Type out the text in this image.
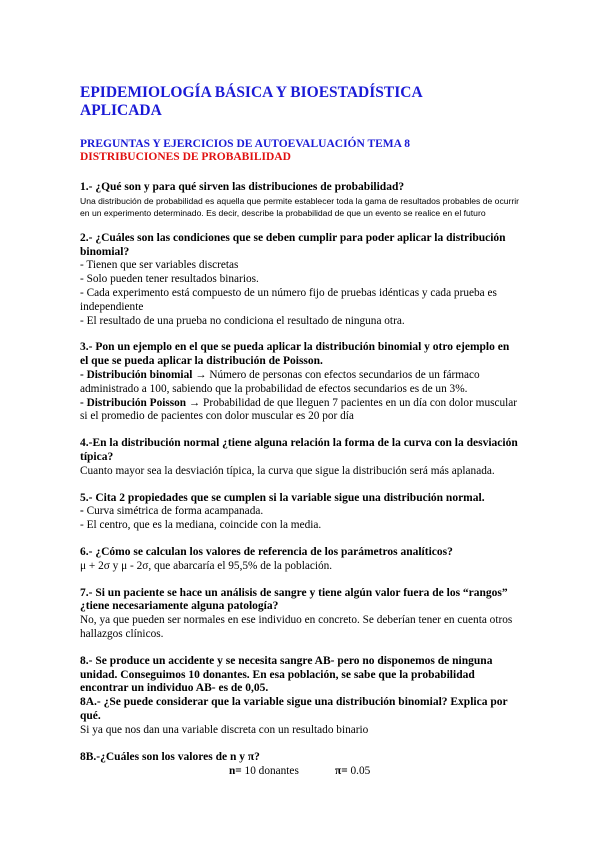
EPIDEMIOLOGÍA BÁSICA Y BIOESTADÍSTICA
APLICADA
PREGUNTAS Y EJERCICIOS DE AUTOEVALUACIÓN TEMA 8
DISTRIBUCIONES DE PROBABILIDAD
1.- ¿Qué son y para qué sirven las distribuciones de probabilidad?
Una distribución de probabilidad es aquella que permite establecer toda la gama de resultados probables de ocurrir en un experimento determinado. Es decir, describe la probabilidad de que un evento se realice en el futuro
2.- ¿Cuáles son las condiciones que se deben cumplir para poder aplicar la distribución binomial?
- Tienen que ser variables discretas
- Solo pueden tener resultados binarios.
- Cada experimento está compuesto de un número fijo de pruebas idénticas y cada prueba es independiente
- El resultado de una prueba no condiciona el resultado de ninguna otra.
3.- Pon un ejemplo en el que se pueda aplicar la distribución binomial y otro ejemplo en el que se pueda aplicar la distribución de Poisson.
- Distribución binomial → Número de personas con efectos secundarios de un fármaco administrado a 100, sabiendo que la probabilidad de efectos secundarios es de un 3%.
- Distribución Poisson → Probabilidad de que lleguen 7 pacientes en un día con dolor muscular si el promedio de pacientes con dolor muscular es 20 por día
4.-En la distribución normal ¿tiene alguna relación la forma de la curva con la desviación típica?
Cuanto mayor sea la desviación típica, la curva que sigue la distribución será más aplanada.
5.- Cita 2 propiedades que se cumplen si la variable sigue una distribución normal.
- Curva simétrica de forma acampanada.
- El centro, que es la mediana, coincide con la media.
6.- ¿Cómo se calculan los valores de referencia de los parámetros analíticos?
μ + 2σ y μ - 2σ, que abarcaría el 95,5% de la población.
7.- Si un paciente se hace un análisis de sangre y tiene algún valor fuera de los “rangos” ¿tiene necesariamente alguna patología?
No, ya que pueden ser normales en ese individuo en concreto. Se deberían tener en cuenta otros hallazgos clínicos.
8.- Se produce un accidente y se necesita sangre AB- pero no disponemos de ninguna unidad. Conseguimos 10 donantes. En esa población, se sabe que la probabilidad encontrar un individuo AB- es de 0,05.
8A.- ¿Se puede considerar que la variable sigue una distribución binomial? Explica por qué.
Si ya que nos dan una variable discreta con un resultado binario
8B.-¿Cuáles son los valores de n y π?
n= 10 donantes	π= 0.05
